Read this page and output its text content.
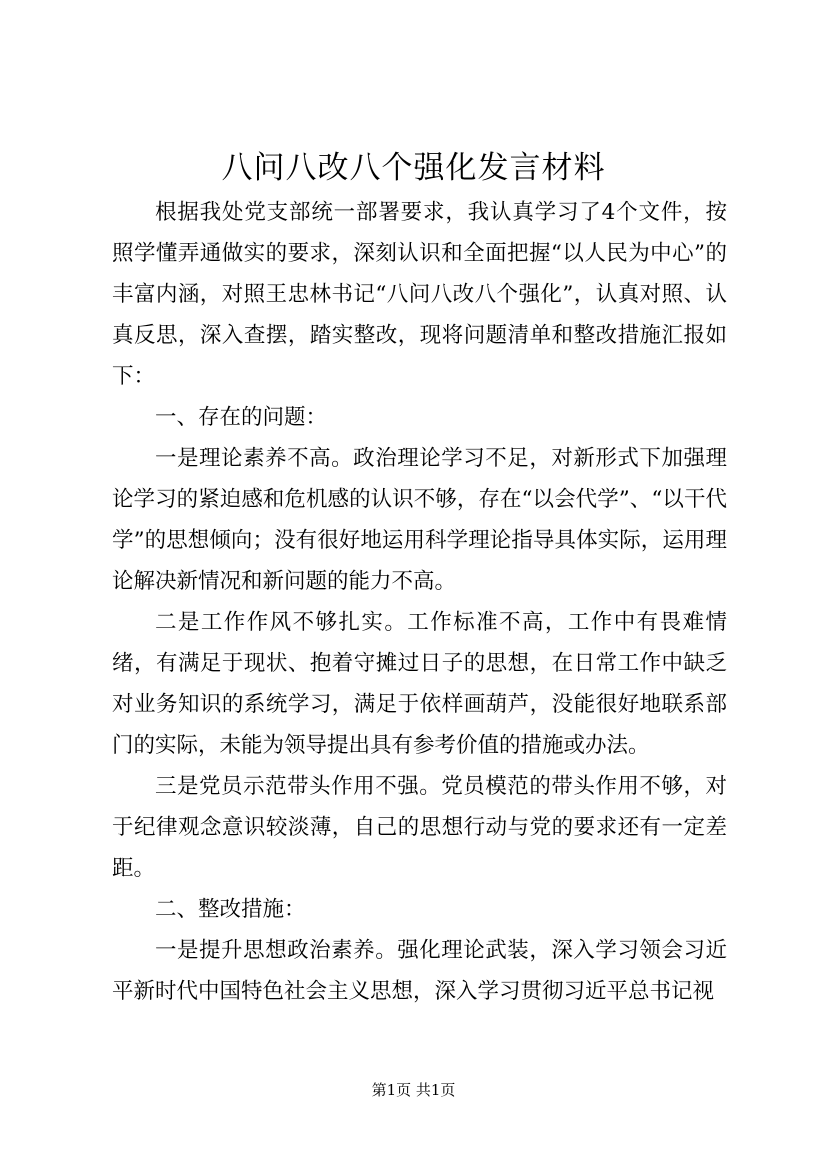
八问八改八个强化发言材料

根据我处党支部统一部署要求，我认真学习了4个文件，按照学懂弄通做实的要求，深刻认识和全面把握“以人民为中心”的丰富内涵，对照王忠林书记“八问八改八个强化”，认真对照、认真反思，深入查摆，踏实整改，现将问题清单和整改措施汇报如下：

一、存在的问题：

一是理论素养不高。政治理论学习不足，对新形式下加强理论学习的紧迫感和危机感的认识不够，存在“以会代学”、“以干代学”的思想倾向；没有很好地运用科学理论指导具体实际，运用理论解决新情况和新问题的能力不高。

二是工作作风不够扎实。工作标准不高，工作中有畏难情绪，有满足于现状、抱着守摊过日子的思想，在日常工作中缺乏对业务知识的系统学习，满足于依样画葫芦，没能很好地联系部门的实际，未能为领导提出具有参考价值的措施或办法。

三是党员示范带头作用不强。党员模范的带头作用不够，对于纪律观念意识较淡薄，自己的思想行动与党的要求还有一定差距。

二、整改措施：

一是提升思想政治素养。强化理论武装，深入学习领会习近平新时代中国特色社会主义思想，深入学习贯彻习近平总书记视

第1页 共1页
